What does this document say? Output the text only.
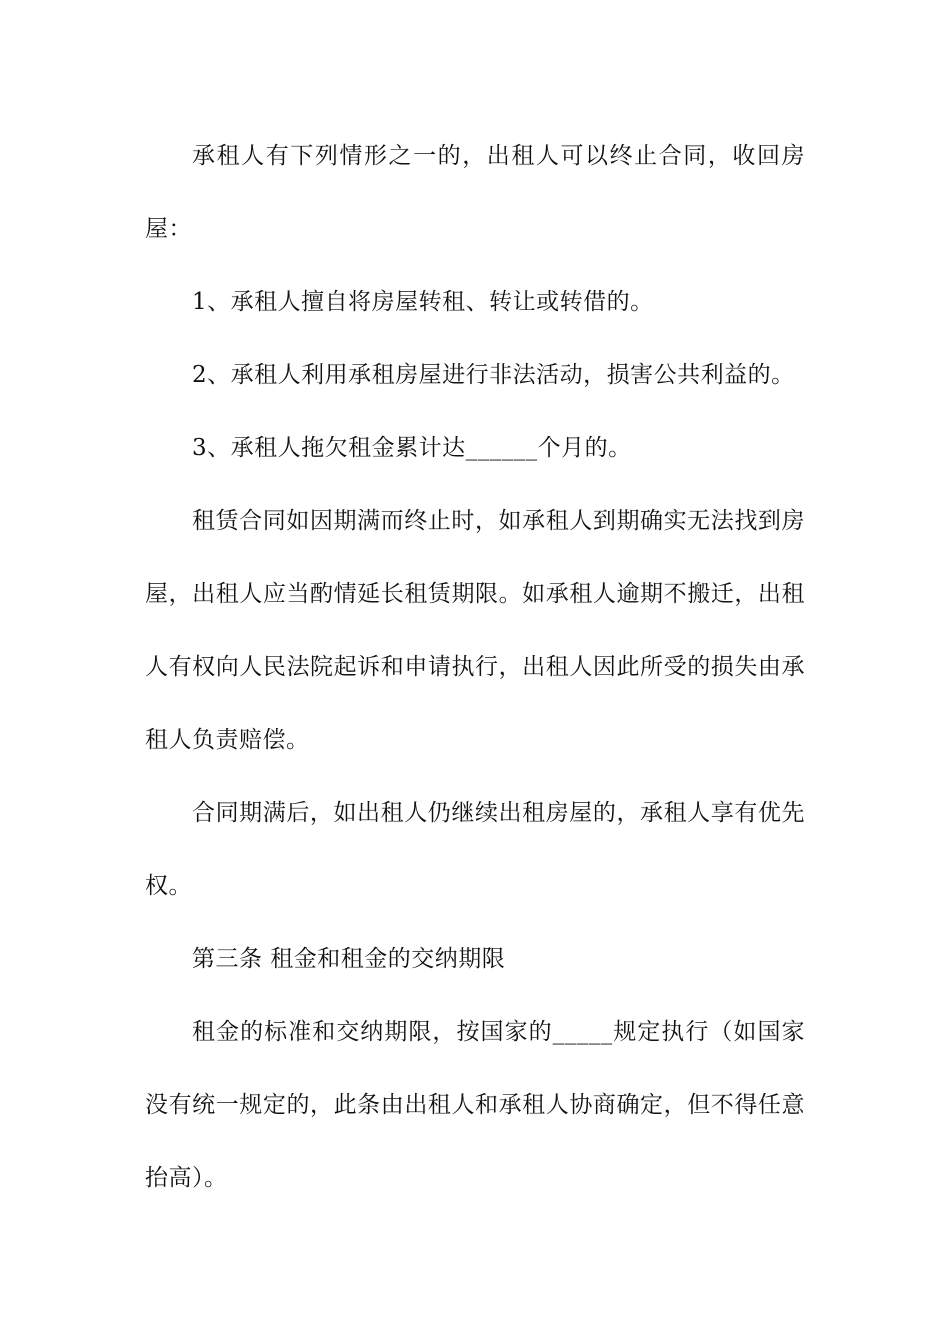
承租人有下列情形之一的，出租人可以终止合同，收回房屋：

1、承租人擅自将房屋转租、转让或转借的。

2、承租人利用承租房屋进行非法活动，损害公共利益的。

3、承租人拖欠租金累计达______个月的。

租赁合同如因期满而终止时，如承租人到期确实无法找到房屋，出租人应当酌情延长租赁期限。如承租人逾期不搬迁，出租人有权向人民法院起诉和申请执行，出租人因此所受的损失由承租人负责赔偿。

合同期满后，如出租人仍继续出租房屋的，承租人享有优先权。

第三条 租金和租金的交纳期限

租金的标准和交纳期限，按国家的_____规定执行（如国家没有统一规定的，此条由出租人和承租人协商确定，但不得任意抬高）。
